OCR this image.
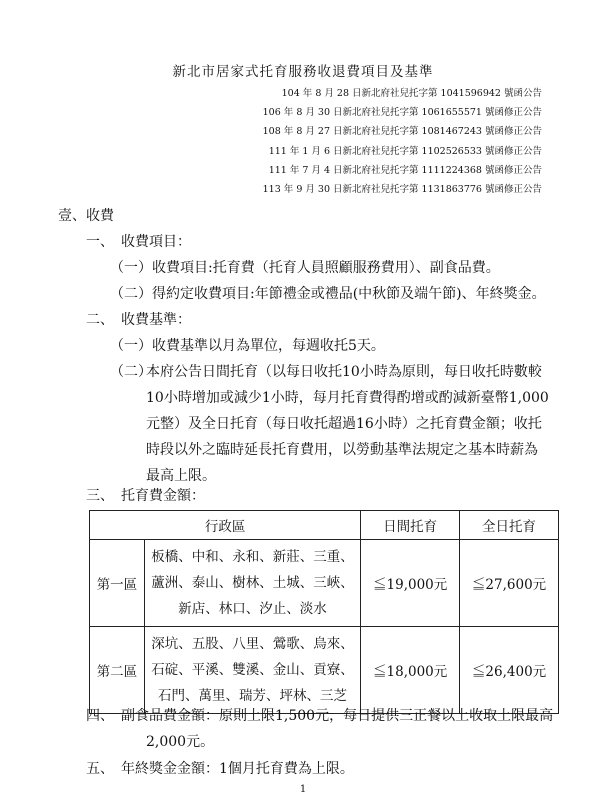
新北市居家式托育服務收退費項目及基準
104 年 8 月 28 日新北府社兒托字第 1041596942 號函公告
106 年 8 月 30 日新北府社兒托字第 1061655571 號函修正公告
108 年 8 月 27 日新北府社兒托字第 1081467243 號函修正公告
111 年 1 月 6 日新北府社兒托字第 1102526533 號函修正公告
111 年 7 月 4 日新北府社兒托字第 1111224368 號函修正公告
113 年 9 月 30 日新北府社兒托字第 1131863776 號函修正公告
壹、收費
一、　收費項目：
（一）收費項目:托育費（托育人員照顧服務費用）、副食品費。
（二）得約定收費項目:年節禮金或禮品(中秋節及端午節)、年終獎金。
二、　收費基準：
（一）收費基準以月為單位，每週收托5天。
（二）
本府公告日間托育（以每日收托10小時為原則，每日收托時數較
10小時增加或減少1小時，每月托育費得酌增或酌減新臺幣1,000
元整）及全日托育（每日收托超過16小時）之托育費金額；收托
時段以外之臨時延長托育費用，以勞動基準法規定之基本時薪為
最高上限。
三、　托育費金額：
行政區		日間托育	全日托育
第一區	板橋、中和、永和、新莊、三重、
蘆洲、泰山、樹林、土城、三峽、
新店、林口、汐止、淡水	≦19,000元	≦27,600元
第二區	深坑、五股、八里、鶯歌、烏來、
石碇、平溪、雙溪、金山、貢寮、
石門、萬里、瑞芳、坪林、三芝	≦18,000元	≦26,400元
四、　副食品費金額：原則上限1,500元，每日提供三正餐以上收取上限最高
2,000元。
五、　年終獎金金額：1個月托育費為上限。
1
